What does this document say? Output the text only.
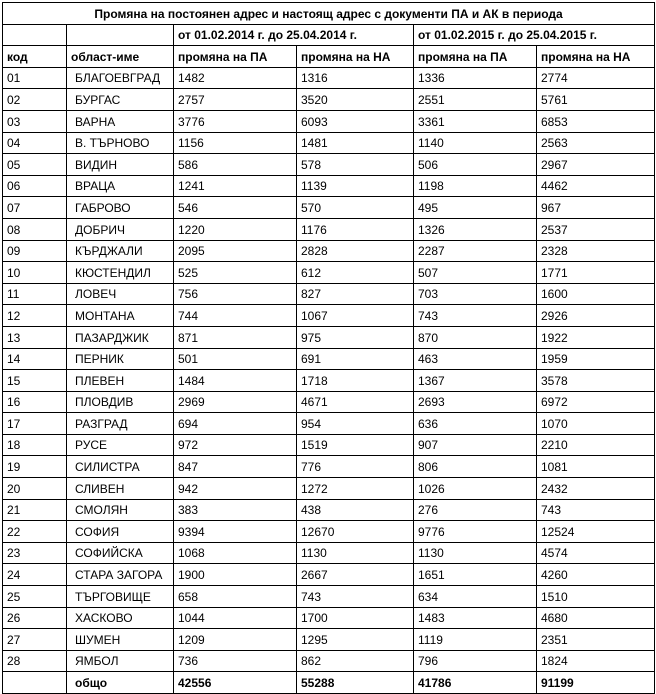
Промяна на постоянен адрес и настоящ адрес с документи ПА и АК в периода					
		от 01.02.2014 г. до 25.04.2014 г.		от 01.02.2015 г. до 25.04.2015 г.	
код	област-име	промяна на ПА	промяна на НА	промяна на ПА	промяна на НА
01	БЛАГОЕВГРАД	1482	1316	1336	2774
02	БУРГАС	2757	3520	2551	5761
03	ВАРНА	3776	6093	3361	6853
04	В. ТЪРНОВО	1156	1481	1140	2563
05	ВИДИН	586	578	506	2967
06	ВРАЦА	1241	1139	1198	4462
07	ГАБРОВО	546	570	495	967
08	ДОБРИЧ	1220	1176	1326	2537
09	КЪРДЖАЛИ	2095	2828	2287	2328
10	КЮСТЕНДИЛ	525	612	507	1771
11	ЛОВЕЧ	756	827	703	1600
12	МОНТАНА	744	1067	743	2926
13	ПАЗАРДЖИК	871	975	870	1922
14	ПЕРНИК	501	691	463	1959
15	ПЛЕВЕН	1484	1718	1367	3578
16	ПЛОВДИВ	2969	4671	2693	6972
17	РАЗГРАД	694	954	636	1070
18	РУСЕ	972	1519	907	2210
19	СИЛИСТРА	847	776	806	1081
20	СЛИВЕН	942	1272	1026	2432
21	СМОЛЯН	383	438	276	743
22	СОФИЯ	9394	12670	9776	12524
23	СОФИЙСКА	1068	1130	1130	4574
24	СТАРА ЗАГОРА	1900	2667	1651	4260
25	ТЪРГОВИЩЕ	658	743	634	1510
26	ХАСКОВО	1044	1700	1483	4680
27	ШУМЕН	1209	1295	1119	2351
28	ЯМБОЛ	736	862	796	1824
	общо	42556	55288	41786	91199
